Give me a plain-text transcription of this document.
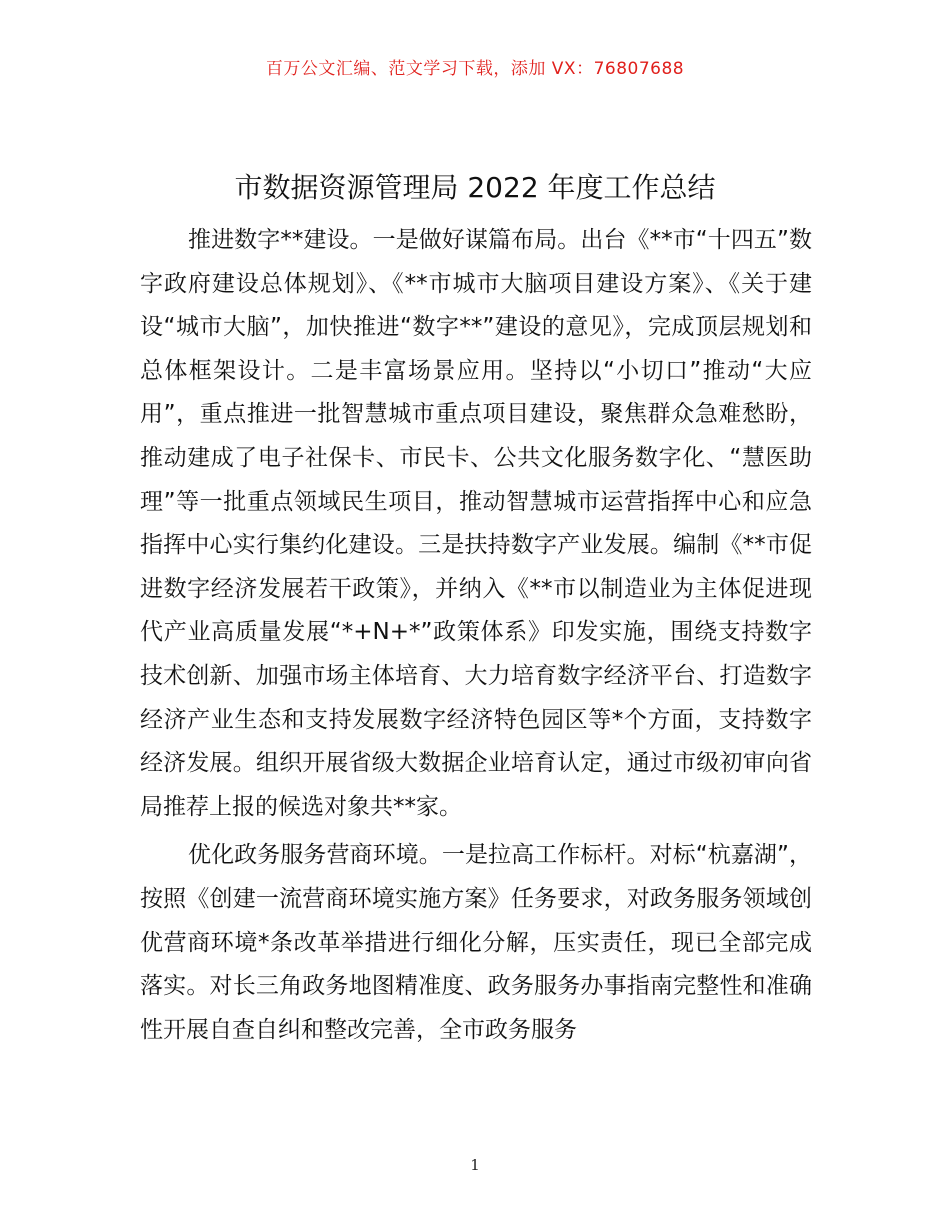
百万公文汇编、范文学习下载，添加 VX：76807688
市数据资源管理局 2022 年度工作总结

推进数字**建设。一是做好谋篇布局。出台《**市“十四五”数字政府建设总体规划》、《**市城市大脑项目建设方案》、《关于建设“城市大脑”，加快推进“数字**”建设的意见》，完成顶层规划和总体框架设计。二是丰富场景应用。坚持以“小切口”推动“大应用”，重点推进一批智慧城市重点项目建设，聚焦群众急难愁盼，推动建成了电子社保卡、市民卡、公共文化服务数字化、“慧医助理”等一批重点领域民生项目，推动智慧城市运营指挥中心和应急指挥中心实行集约化建设。三是扶持数字产业发展。编制《**市促进数字经济发展若干政策》，并纳入《**市以制造业为主体促进现代产业高质量发展“*+N+*”政策体系》印发实施，围绕支持数字技术创新、加强市场主体培育、大力培育数字经济平台、打造数字经济产业生态和支持发展数字经济特色园区等*个方面，支持数字经济发展。组织开展省级大数据企业培育认定，通过市级初审向省局推荐上报的候选对象共**家。

优化政务服务营商环境。一是拉高工作标杆。对标“杭嘉湖”，按照《创建一流营商环境实施方案》任务要求，对政务服务领域创优营商环境*条改革举措进行细化分解，压实责任，现已全部完成落实。对长三角政务地图精准度、政务服务办事指南完整性和准确性开展自查自纠和整改完善，全市政务服务

1
